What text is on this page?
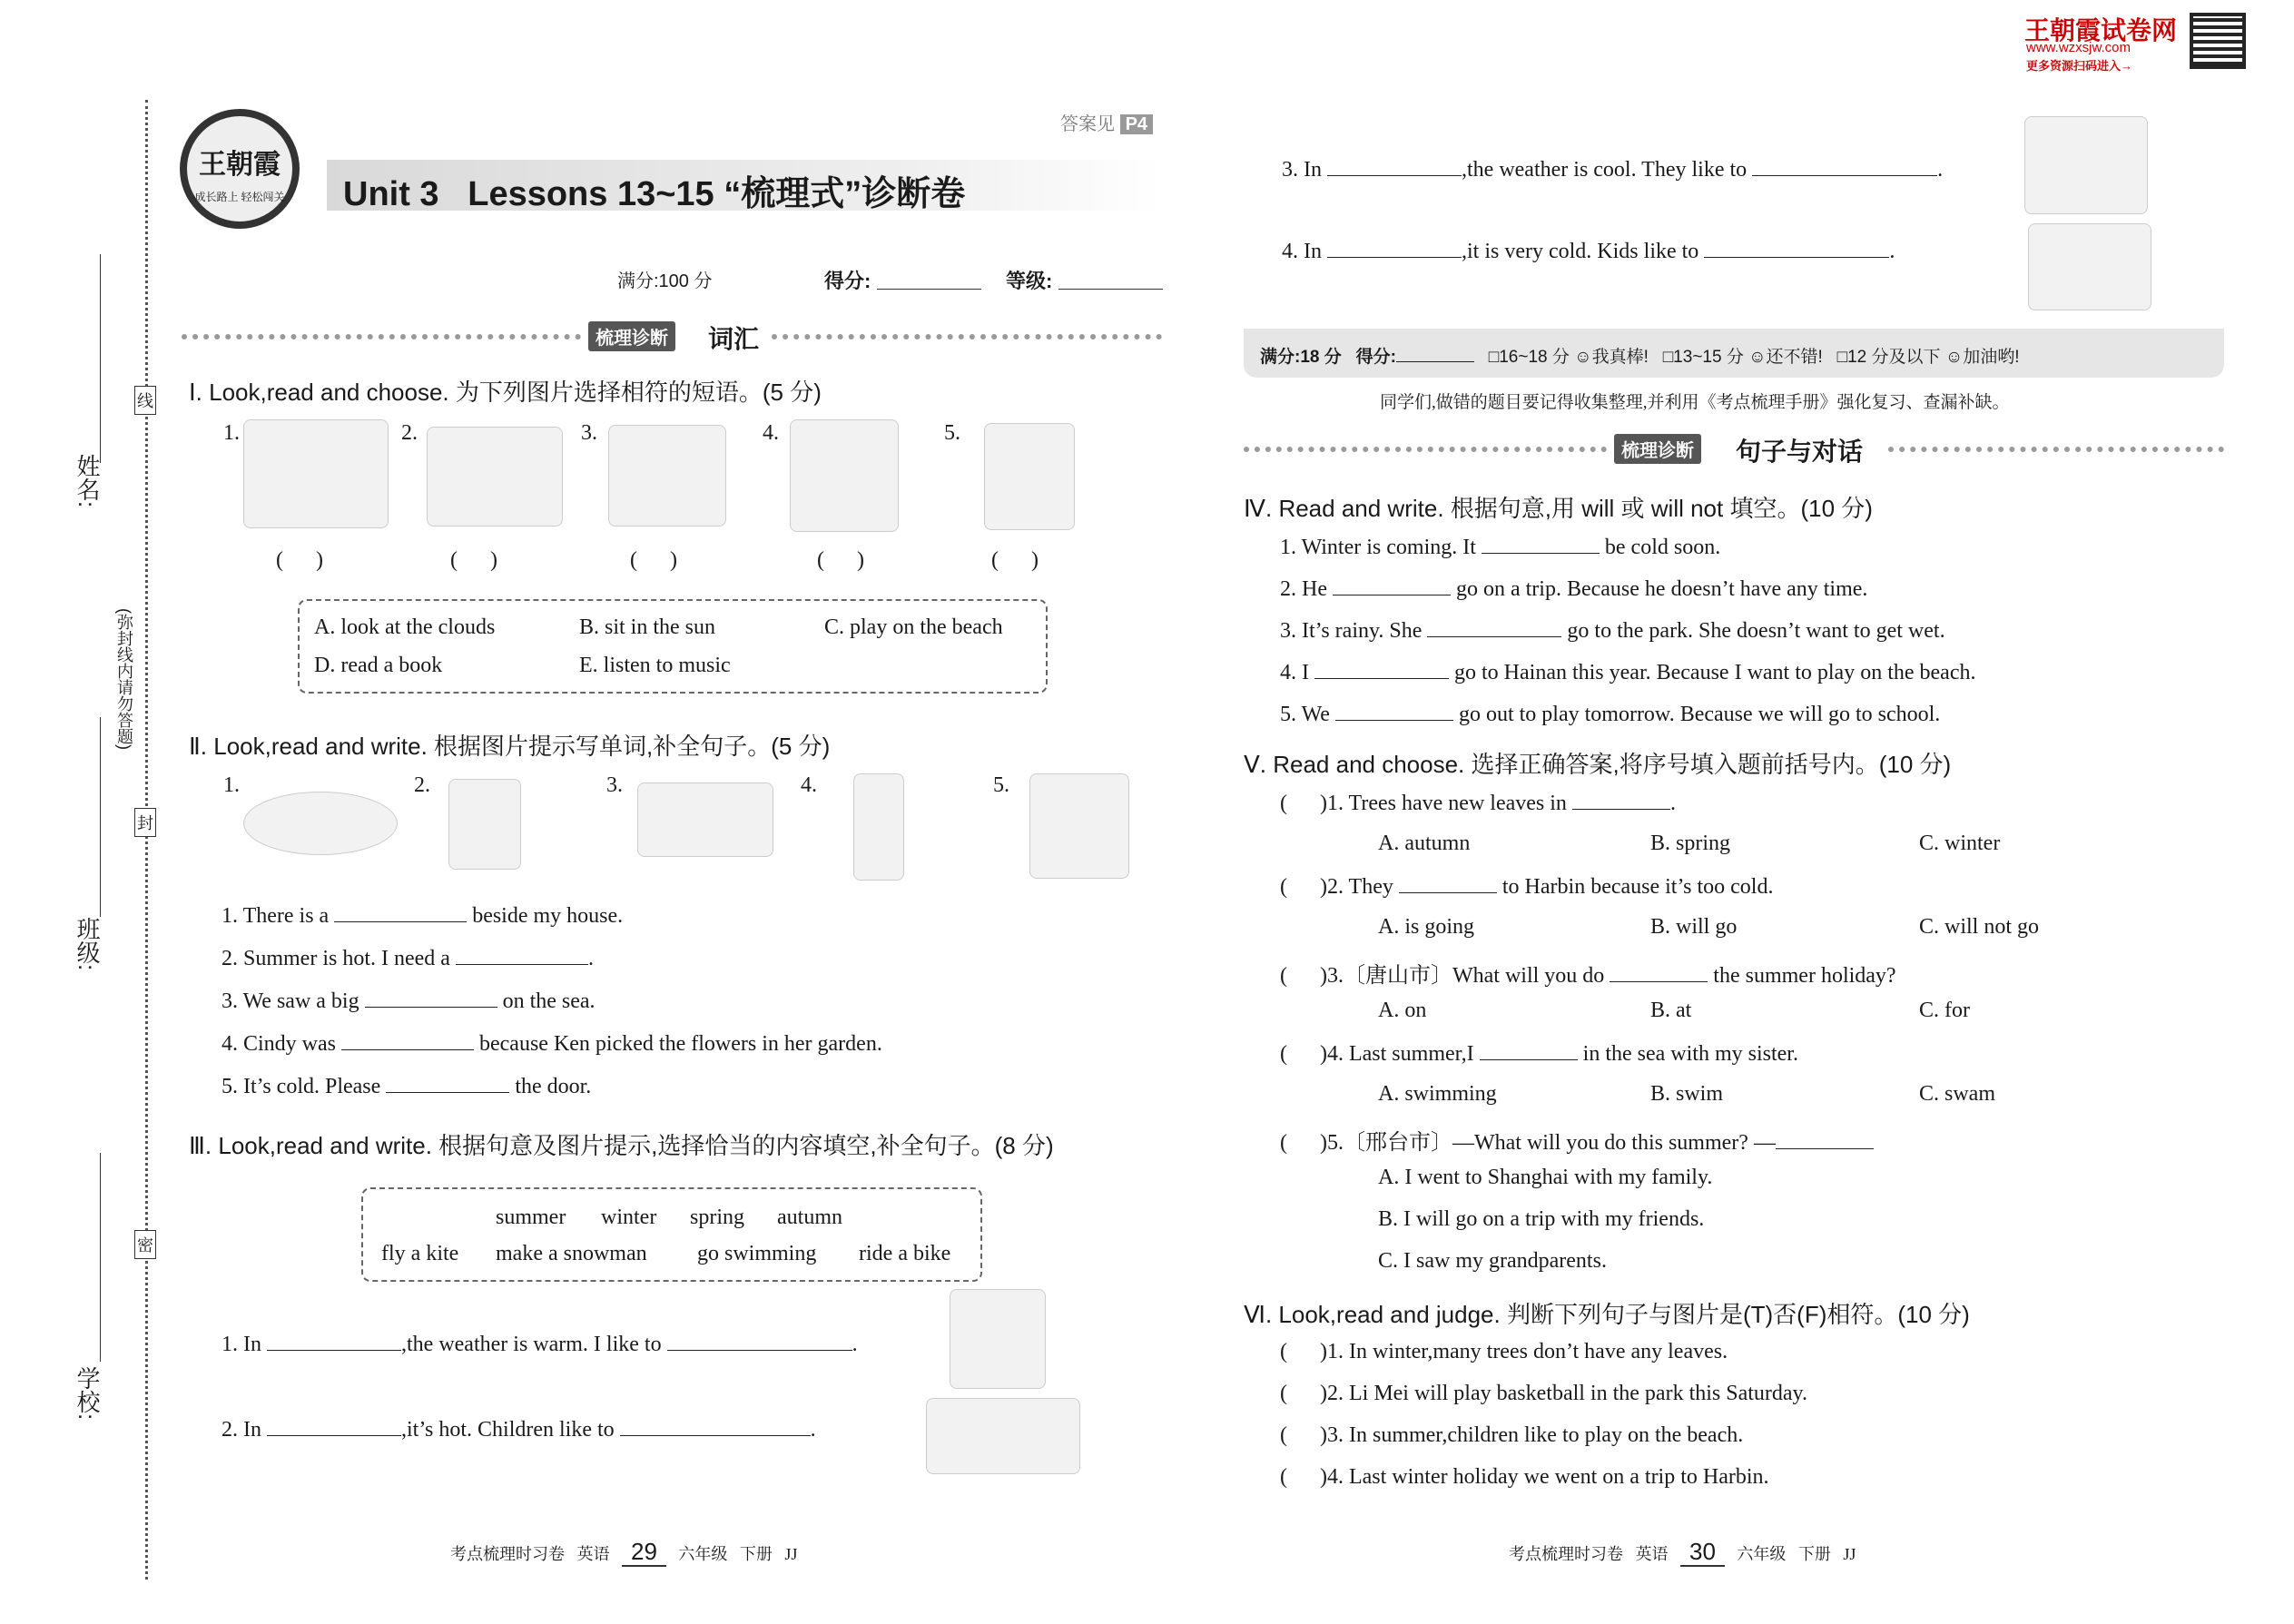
王朝霞试卷网
www.wzxsjw.com
更多资源扫码进入→
姓名:
班级:
学校:
(弥封线内请勿答题)
线
封
密
王朝霞
成长路上 轻松闯关 Unit 3   Lessons 13~15 “梳理式”诊断卷
答案见 P4
满分:100 分	得分:	等级:
梳理诊断 词汇
Ⅰ. Look,read and choose. 为下列图片选择相符的短语。(5 分)
1.	2.	3.	4.	5.
(      )	(      )	(      )	(      )	(      )
A. look at the clouds	B. sit in the sun	C. play on the beach
D. read a book	E. listen to music
Ⅱ. Look,read and write. 根据图片提示写单词,补全句子。(5 分)
1.	2.	3.	4.	5.
1. There is a	beside my house.
2. Summer is hot. I need a	.
3. We saw a big	on the sea.
4. Cindy was	because Ken picked the flowers in her garden.
5. It’s cold. Please	the door.
Ⅲ. Look,read and write. 根据句意及图片提示,选择恰当的内容填空,补全句子。(8 分)
summer winter spring autumn
fly a kite make a snowman go swimming ride a bike
1. In	,the weather is warm. I like to	.
2. In	,it’s hot. Children like to	.
考点梳理时习卷 英语 29 六年级 下册 JJ
3. In	,the weather is cool. They like to	.
4. In	,it is very cold. Kids like to	.
满分:18 分 得分:	□16~18 分 ☺我真棒! □13~15 分 ☺还不错! □12 分及以下 ☺加油哟!
同学们,做错的题目要记得收集整理,并利用《考点梳理手册》强化复习、查漏补缺。
梳理诊断 句子与对话
Ⅳ. Read and write. 根据句意,用 will 或 will not 填空。(10 分)
1. Winter is coming. It	be cold soon.
2. He	go on a trip. Because he doesn’t have any time.
3. It’s rainy. She	go to the park. She doesn’t want to get wet.
4. I	go to Hainan this year. Because I want to play on the beach.
5. We	go out to play tomorrow. Because we will go to school.
Ⅴ. Read and choose. 选择正确答案,将序号填入题前括号内。(10 分)
(      )1. Trees have new leaves in	.
A. autumn	B. spring	C. winter
(      )2. They	to Harbin because it’s too cold.
A. is going	B. will go	C. will not go
(      )3.〔唐山市〕What will you do	the summer holiday?
A. on	B. at	C. for
(      )4. Last summer,I	in the sea with my sister.
A. swimming	B. swim	C. swam
(      )5.〔邢台市〕—What will you do this summer? —
A. I went to Shanghai with my family.
B. I will go on a trip with my friends.
C. I saw my grandparents.
Ⅵ. Look,read and judge. 判断下列句子与图片是(T)否(F)相符。(10 分)
(      )1. In winter,many trees don’t have any leaves.
(      )2. Li Mei will play basketball in the park this Saturday.
(      )3. In summer,children like to play on the beach.
(      )4. Last winter holiday we went on a trip to Harbin.
考点梳理时习卷 英语 30 六年级 下册 JJ
